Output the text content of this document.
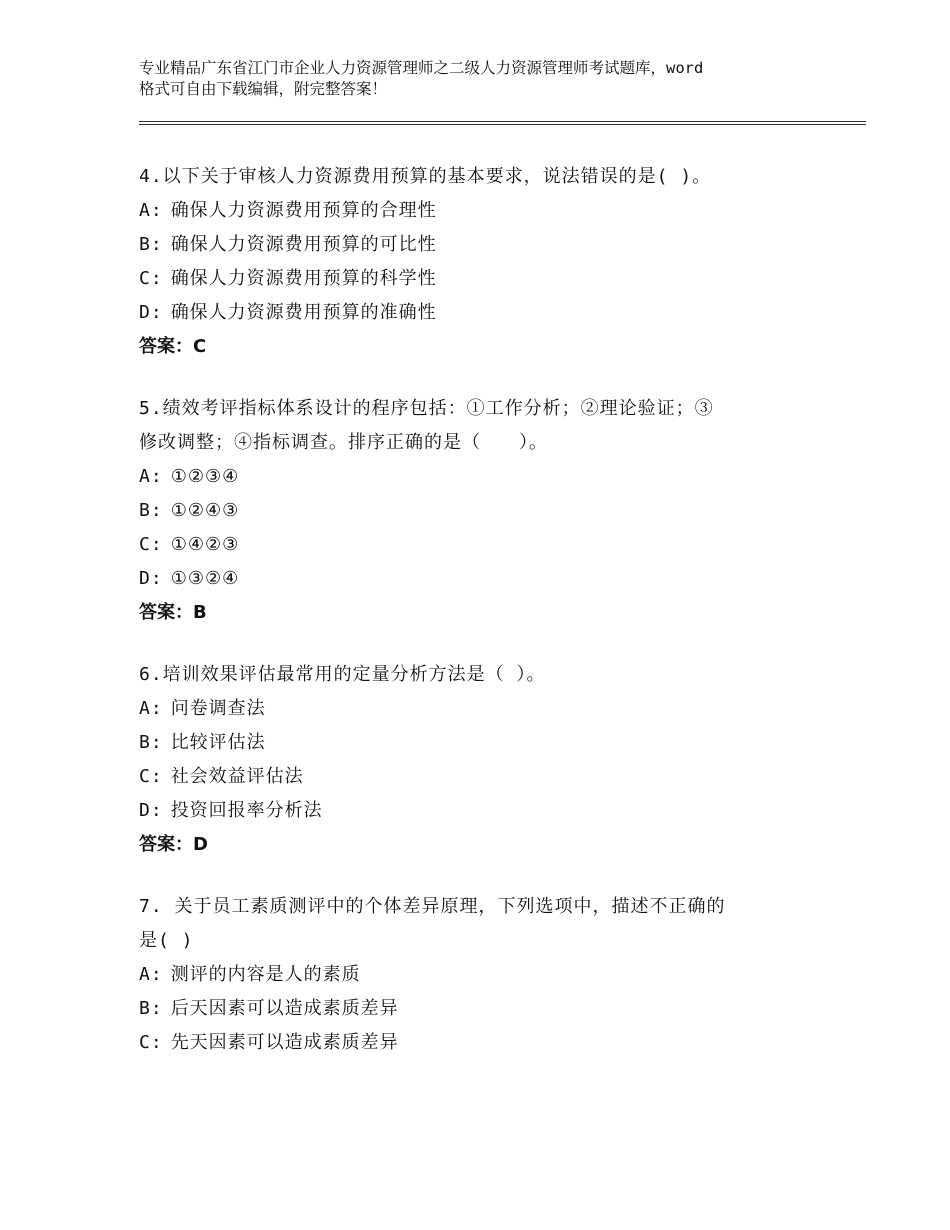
专业精品广东省江门市企业人力资源管理师之二级人力资源管理师考试题库，word
格式可自由下载编辑，附完整答案！
4.以下关于审核人力资源费用预算的基本要求，说法错误的是( )。
A: 确保人力资源费用预算的合理性
B: 确保人力资源费用预算的可比性
C: 确保人力资源费用预算的科学性
D: 确保人力资源费用预算的准确性
答案：C
5.绩效考评指标体系设计的程序包括：①工作分析；②理论验证；③
修改调整；④指标调查。排序正确的是（　　）。
A: ①②③④
B: ①②④③
C: ①④②③
D: ①③②④
答案：B
6.培训效果评估最常用的定量分析方法是（ ）。
A: 问卷调查法
B: 比较评估法
C: 社会效益评估法
D: 投资回报率分析法
答案：D
7. 关于员工素质测评中的个体差异原理，下列选项中，描述不正确的
是( )
A: 测评的内容是人的素质
B: 后天因素可以造成素质差异
C: 先天因素可以造成素质差异
